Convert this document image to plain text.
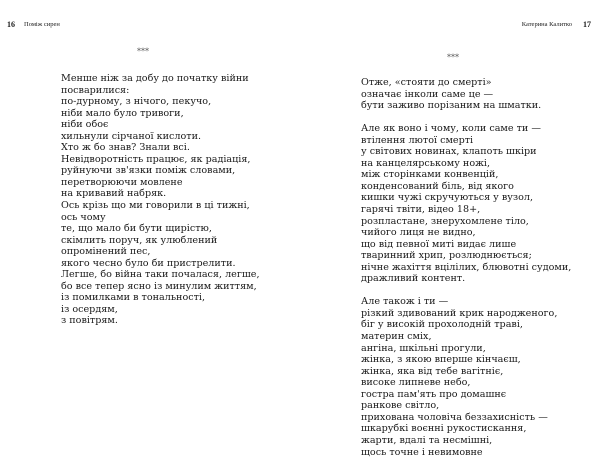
16 Поміж сирен
***
Менше ніж за добу до початку війни
посварилися:
по-дурному, з нічого, пекучо,
ніби мало було тривоги,
ніби обоє
хильнули сірчаної кислоти.
Хто ж бо знав? Знали всі.
Невідворотність працює, як радіація,
руйнуючи зв'язки поміж словами,
перетворюючи мовлене
на кривавий набряк.
Ось крізь що ми говорили в ці тижні,
ось чому
те, що мало би бути щирістю,
скімлить поруч, як улюблений
опромінений пес,
якого чесно було би пристрелити.
Легше, бо війна таки почалася, легше,
бо все тепер ясно із минулим життям,
із помилками в тональності,
із осердям,
з повітрям.
Катерина Калитко 17
***
Отже, «стояти до смерті»
означає інколи саме це —
бути заживо порізаним на шматки.
Але як воно і чому, коли саме ти —
втілення лютої смерті
у світових новинах, клапоть шкіри
на канцелярському ножі,
між сторінками конвенцій,
конденсований біль, від якого
кишки чужі скручуються у вузол,
гарячі твіти, відео 18+,
розпластане, знерухомлене тіло,
чийого лиця не видно,
що від певної миті видає лише
тваринний хрип, розлюднюється;
нічне жахіття вцілілих, блювотні судоми,
дражливий контент.
Але також і ти —
різкий здивований крик народженого,
біг у високій прохолодній траві,
материн сміх,
ангіна, шкільні прогули,
жінка, з якою вперше кінчаєш,
жінка, яка від тебе вагітніє,
високе липневе небо,
гостра пам'ять про домашнє
ранкове світло,
прихована чоловіча беззахисність —
шкарубкі воєнні рукостискання,
жарти, вдалі та несмішні,
щось точне і невимовне
